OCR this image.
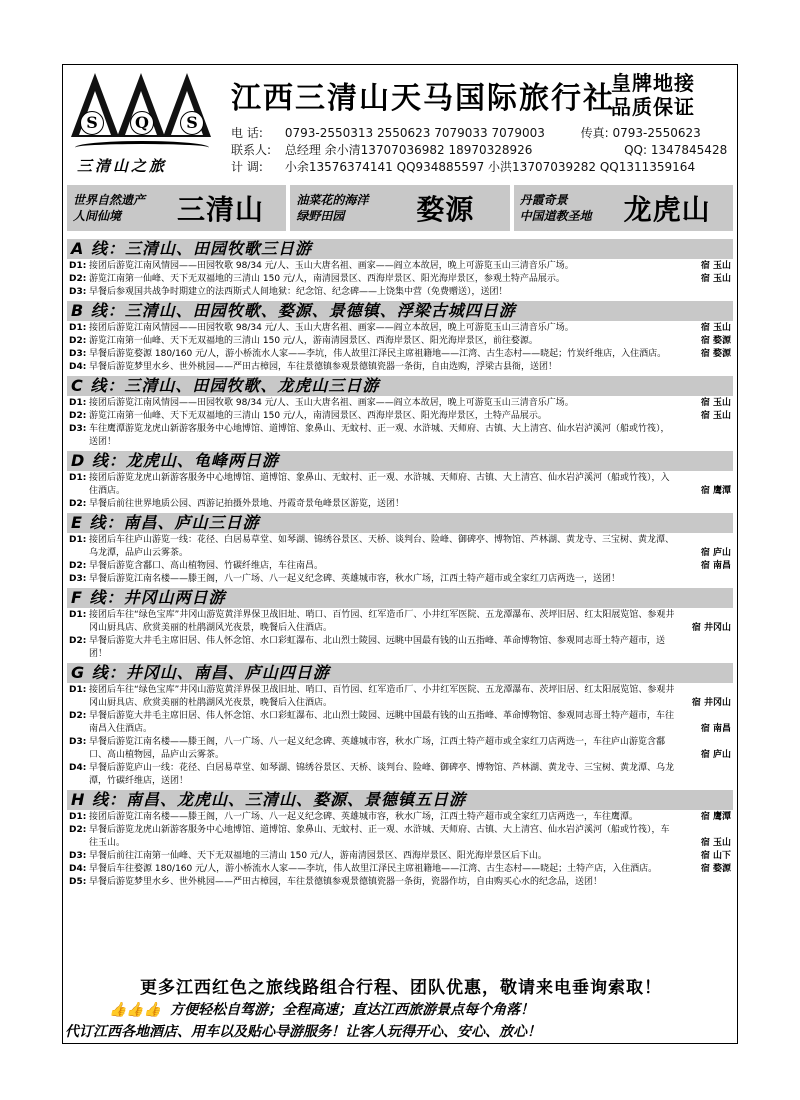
S	Q	S
三清山之旅
江西三清山天马国际旅行社
皇牌地接
品质保证
电 话: 0793-2550313 2550623 7079033 7079003	传真: 0793-2550623
联系人: 总经理 余小清13707036982 18970328926	QQ: 1347845428
计 调: 小余13576374141 QQ934885597 小洪13707039282 QQ1311359164
世界自然遗产
人间仙境	三清山	油菜花的海洋
绿野田园	婺源	丹霞奇景
中国道教圣地	龙虎山
A 线：三清山、田园牧歌三日游
D1: 接团后游览江南风情园——田园牧歌 98/34 元/人、玉山大唐名祖、画家——阎立本故居，晚上可游览玉山三清音乐广场。	宿 玉山
D2: 游览江南第一仙峰、天下无双福地的三清山 150 元/人，南清园景区、西海岸景区、阳光海岸景区，参观土特产品展示。	宿 玉山
D3: 早餐后参观国共战争时期建立的法西斯式人间地狱：纪念馆、纪念碑——上饶集中营（免费赠送），送团！
B 线：三清山、田园牧歌、婺源、景德镇、浮梁古城四日游
D1: 接团后游览江南风情园——田园牧歌 98/34 元/人、玉山大唐名祖、画家——阎立本故居，晚上可游览玉山三清音乐广场。	宿 玉山
D2: 游览江南第一仙峰、天下无双福地的三清山 150 元/人，游南清园景区、西海岸景区、阳光海岸景区，前往婺源。	宿 婺源
D3: 早餐后游览婺源 180/160 元/人，游小桥流水人家——李坑，伟人故里江泽民主席祖籍地——江湾、古生态村——晓起；竹炭纤维店，入住酒店。	宿 婺源
D4: 早餐后游览梦里水乡、世外桃园——严田古樟园，车往景德镇参观景德镇瓷器一条街，自由选购，浮梁古县衙，送团！
C 线：三清山、田园牧歌、龙虎山三日游
D1: 接团后游览江南风情园——田园牧歌 98/34 元/人、玉山大唐名祖、画家——阎立本故居，晚上可游览玉山三清音乐广场。	宿 玉山
D2: 游览江南第一仙峰、天下无双福地的三清山 150 元/人，南清园景区、西海岸景区、阳光海岸景区，土特产品展示。	宿 玉山
D3: 车往鹰潭游览龙虎山新游客服务中心地博馆、道博馆、象鼻山、无蚊村、正一观、水浒城、天师府、古镇、大上清宫、仙水岩泸溪河（船或竹筏），送团！
D 线：龙虎山、龟峰两日游
D1: 接团后游览龙虎山新游客服务中心地博馆、道博馆、象鼻山、无蚊村、正一观、水浒城、天师府、古镇、大上清宫、仙水岩泸溪河（船或竹筏），入住酒店。	宿 鹰潭
D2: 早餐后前往世界地质公园、西游记拍摄外景地、丹霞奇景龟峰景区游览，送团！
E 线：南昌、庐山三日游
D1: 接团后车往庐山游览一线：花径、白居易草堂、如琴湖、锦绣谷景区、天桥、谈判台、险峰、御碑亭、博物馆、芦林湖、黄龙寺、三宝树、黄龙潭、乌龙潭，品庐山云雾茶。	宿 庐山
D2: 早餐后游览含鄱口、高山植物园、竹碳纤维店，车往南昌。	宿 南昌
D3: 早餐后游览江南名楼——滕王阁，八一广场、八一起义纪念碑、英雄城市容，秋水广场，江西土特产超市或全家红刀店两选一，送团！
F 线：井冈山两日游
D1: 接团后车往“绿色宝库”井冈山游览黄洋界保卫战旧址、哨口、百竹园、红军造币厂、小井红军医院、五龙潭瀑布、茨坪旧居、红太阳展览馆、参观井冈山厨具店、欣赏美丽的杜鹃湖风光夜景，晚餐后入住酒店。	宿 井冈山
D2: 早餐后游览大井毛主席旧居、伟人怀念馆、水口彩虹瀑布、北山烈士陵园、远眺中国最有钱的山五指峰、革命博物馆、参观同志哥土特产超市，送团！
G 线：井冈山、南昌、庐山四日游
D1: 接团后车往“绿色宝库”井冈山游览黄洋界保卫战旧址、哨口、百竹园、红军造币厂、小井红军医院、五龙潭瀑布、茨坪旧居、红太阳展览馆、参观井冈山厨具店、欣赏美丽的杜鹃湖风光夜景，晚餐后入住酒店。	宿 井冈山
D2: 早餐后游览大井毛主席旧居、伟人怀念馆、水口彩虹瀑布、北山烈士陵园、远眺中国最有钱的山五指峰、革命博物馆、参观同志哥土特产超市，车往南昌入住酒店。	宿 南昌
D3: 早餐后游览江南名楼——滕王阁，八一广场、八一起义纪念碑、英雄城市容，秋水广场，江西土特产超市或全家红刀店两选一，车往庐山游览含鄱口、高山植物园，品庐山云雾茶。	宿 庐山
D4: 早餐后游览庐山一线：花径、白居易草堂、如琴湖、锦绣谷景区、天桥、谈判台、险峰、御碑亭、博物馆、芦林湖、黄龙寺、三宝树、黄龙潭、乌龙潭，竹碳纤维店，送团！
H 线：南昌、龙虎山、三清山、婺源、景德镇五日游
D1: 接团后游览江南名楼——滕王阁，八一广场、八一起义纪念碑、英雄城市容，秋水广场，江西土特产超市或全家红刀店两选一，车往鹰潭。	宿 鹰潭
D2: 早餐后游览龙虎山新游客服务中心地博馆、道博馆、象鼻山、无蚊村、正一观、水浒城、天师府、古镇、大上清宫、仙水岩泸溪河（船或竹筏），车往玉山。	宿 玉山
D3: 早餐后前往江南第一仙峰、天下无双福地的三清山 150 元/人，游南清园景区、西海岸景区、阳光海岸景区后下山。	宿 山下
D4: 早餐后车往婺源 180/160 元/人，游小桥流水人家——李坑，伟人故里江泽民主席祖籍地——江湾、古生态村——晓起；土特产店，入住酒店。	宿 婺源
D5: 早餐后游览梦里水乡、世外桃园——严田古樟园，车往景德镇参观景德镇瓷器一条街，瓷器作坊，自由购买心水的纪念品，送团！
更多江西红色之旅线路组合行程、团队优惠，敬请来电垂询索取！
👍👍👍 方便轻松自驾游；全程高速；直达江西旅游景点每个角落！
代订江西各地酒店、用车以及贴心导游服务！让客人玩得开心、安心、放心！
